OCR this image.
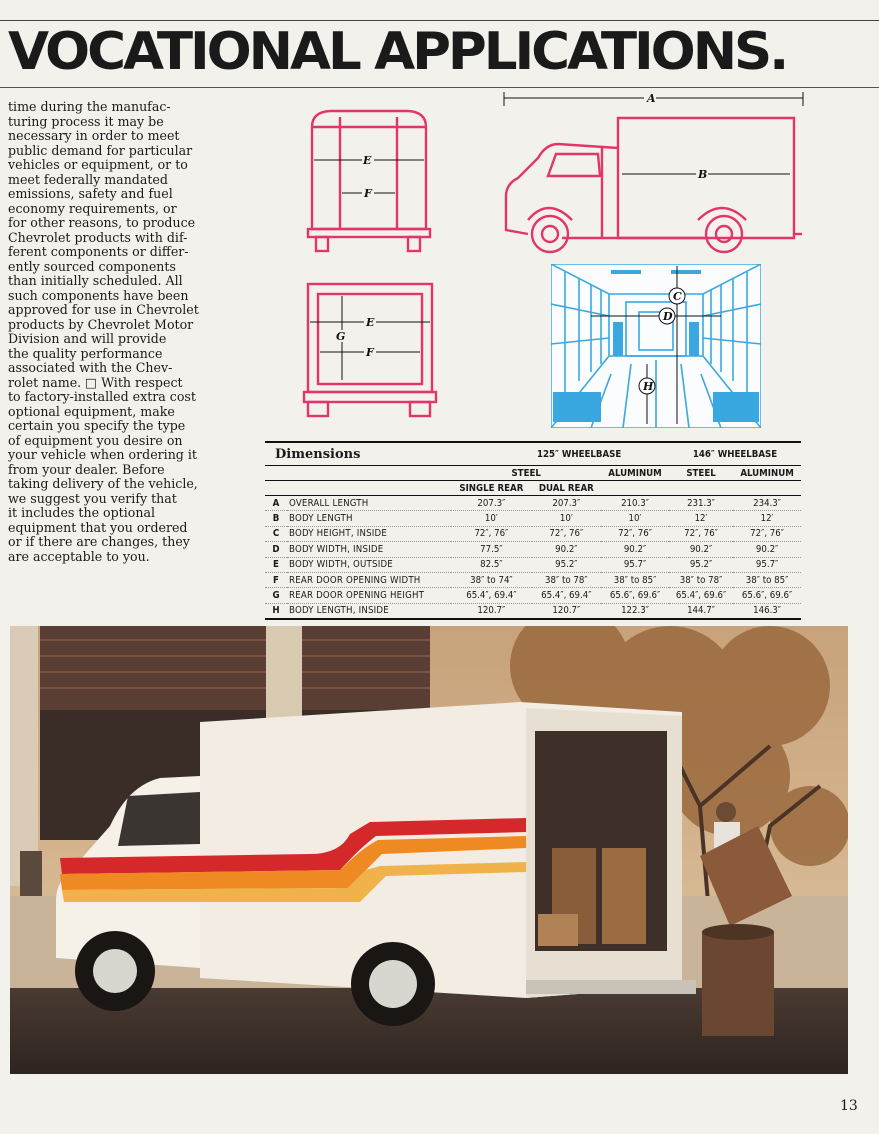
VOCATIONAL APPLICATIONS.
time during the manufac-
turing process it may be
necessary in order to meet
public demand for particular
vehicles or equipment, or to
meet federally mandated
emissions, safety and fuel
economy requirements, or
for other reasons, to produce
Chevrolet products with dif-
ferent components or differ-
ently sourced components
than initially scheduled. All
such components have been
approved for use in Chevrolet
products by Chevrolet Motor
Division and will provide
the quality performance
associated with the Chev-
rolet name. □ With respect
to factory-installed extra cost
optional equipment, make
certain you specify the type
of equipment you desire on
your vehicle when ordering it
from your dealer. Before
taking delivery of the vehicle,
we suggest you verify that
it includes the optional
equipment that you ordered
or if there are changes, they
are acceptable to you.
E
F
G
E
F
A
B
C
D
H
Dimensions		125″ WHEELBASE			146″ WHEELBASE	
		STEEL		ALUMINUM	STEEL	ALUMINUM
		SINGLE REAR	DUAL REAR			
A	OVERALL LENGTH	207.3″	207.3″	210.3″	231.3″	234.3″
B	BODY LENGTH	10′	10′	10′	12′	12′
C	BODY HEIGHT, INSIDE	72″, 76″	72″, 76″	72″, 76″	72″, 76″	72″, 76″
D	BODY WIDTH, INSIDE	77.5″	90.2″	90.2″	90.2″	90.2″
E	BODY WIDTH, OUTSIDE	82.5″	95.2″	95.7″	95.2″	95.7″
F	REAR DOOR OPENING WIDTH	38″ to 74″	38″ to 78″	38″ to 85″	38″ to 78″	38″ to 85″
G	REAR DOOR OPENING HEIGHT	65.4″, 69.4″	65.4″, 69.4″	65.6″, 69.6″	65.4″, 69.6″	65.6″, 69.6″
H	BODY LENGTH, INSIDE	120.7″	120.7″	122.3″	144.7″	146.3″
13
